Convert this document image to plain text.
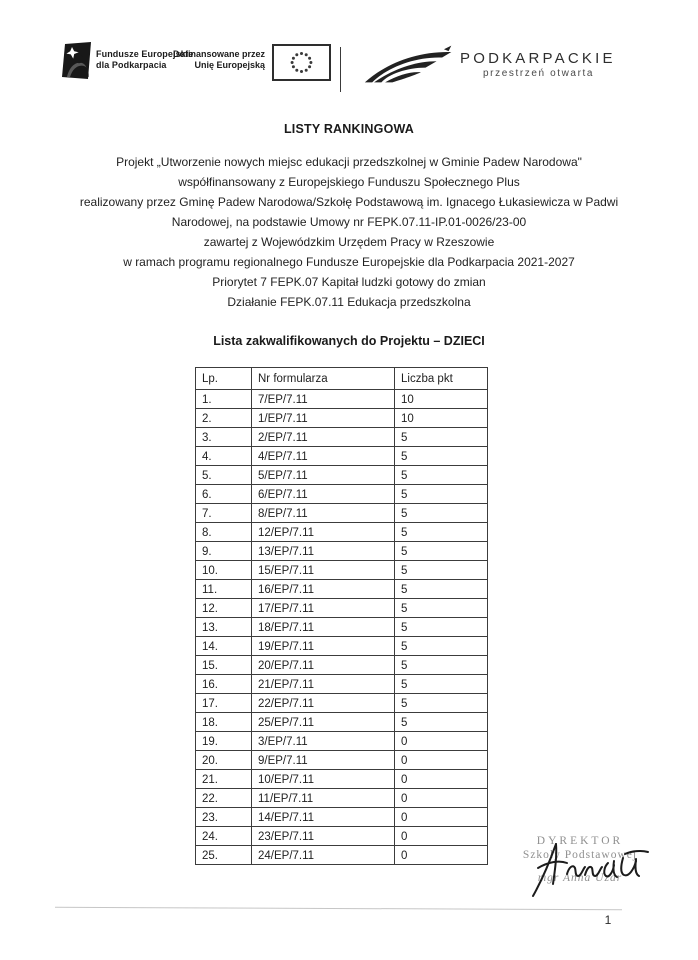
Fundusze Europejskie
dla Podkarpacia
Dofinansowane przez
Unię Europejską	PODKARPACKIE
przestrzeń otwarta
LISTY RANKINGOWA
Projekt „Utworzenie nowych miejsc edukacji przedszkolnej w Gminie Padew Narodowa"
współfinansowany z Europejskiego Funduszu Społecznego Plus
realizowany przez Gminę Padew Narodowa/Szkołę Podstawową im. Ignacego Łukasiewicza w Padwi
Narodowej, na podstawie Umowy nr FEPK.07.11-IP.01-0026/23-00
zawartej z Wojewódzkim Urzędem Pracy w Rzeszowie
w ramach programu regionalnego Fundusze Europejskie dla Podkarpacia 2021-2027
Priorytet 7 FEPK.07 Kapitał ludzki gotowy do zmian
Działanie FEPK.07.11 Edukacja przedszkolna
Lista zakwalifikowanych do Projektu – DZIECI
Lp.	Nr formularza	Liczba pkt
1.	7/EP/7.11	10
2.	1/EP/7.11	10
3.	2/EP/7.11	5
4.	4/EP/7.11	5
5.	5/EP/7.11	5
6.	6/EP/7.11	5
7.	8/EP/7.11	5
8.	12/EP/7.11	5
9.	13/EP/7.11	5
10.	15/EP/7.11	5
11.	16/EP/7.11	5
12.	17/EP/7.11	5
13.	18/EP/7.11	5
14.	19/EP/7.11	5
15.	20/EP/7.11	5
16.	21/EP/7.11	5
17.	22/EP/7.11	5
18.	25/EP/7.11	5
19.	3/EP/7.11	0
20.	9/EP/7.11	0
21.	10/EP/7.11	0
22.	11/EP/7.11	0
23.	14/EP/7.11	0
24.	23/EP/7.11	0
25.	24/EP/7.11	0
DYREKTOR
Szkoły Podstawowej
mgr Anna Uzar
1
